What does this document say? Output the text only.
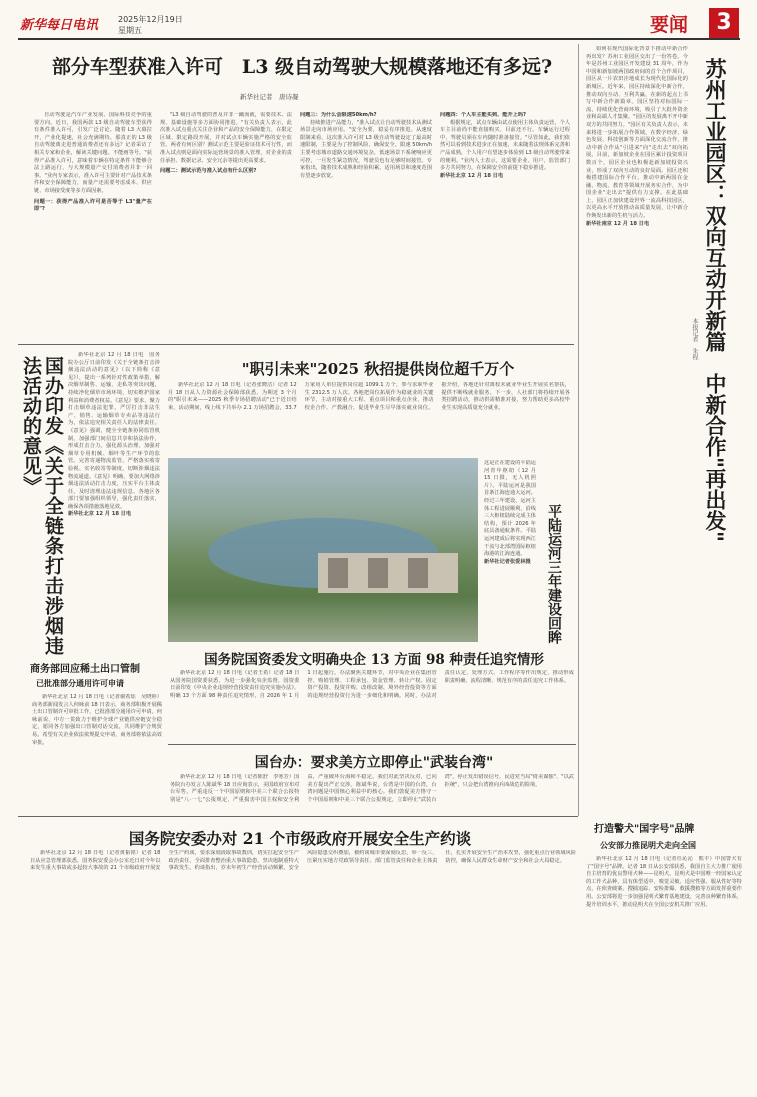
新华每日电讯 2025年12月19日
星期五	要闻	3
部分车型获准入许可　L3 级自动驾驶大规模落地还有多远?
新华社记者　唐诗凝

自动驾驶是汽车产业发展、国际科技竞争的重要方向。近日，我国两款 L3 级自动驾驶车型获得有条件准入许可，引发广泛讨论。随着 L3 大幕拉开，产业化提速，社会充满期待。那真正的 L3 级自动驾驶离走进普通消费者还有多远？记者采访了相关专家和企业，解读关键问题。不能画等号。"获得产品准入许可，意味着车辆在特定条件下能够合法上路运行，与大规模量产交付消费者并非一回事。"业内专家表示，准入许可主要针对产品技术条件和安全保障能力，而量产还需要考虑成本、供应链、市场接受度等多方面因素。

问题一：获得产品准入许可是否等于 L3"量产在即"?

"L3 级自动驾驶的普及并非一蹴而就，需要技术、法规、基础设施等多方面协同推进。"有关负责人表示，此次准入试点重点关注企业和产品的安全保障能力，在限定区域、限定路段开展，并对试点车辆实施严格的安全监管。两者有何区别？测试示范主要是验证技术可行性，而准入试点则是面向实际运营场景的准入管理，对企业的责任承担、数据记录、安全冗余等提出更高要求。

问题二：测试示范与准入试点有什么区别?

问题三：为什么会限速50km/h?

持续推进产品能力，"准入试点让自动驾驶技术从测试场景走向市场应用。"安全为要，稳妥有序推进。从速度限制来看，这次准入许可对 L3 级自动驾驶设定了最高时速限制，主要是为了控制风险、确保安全。限速 50km/h 主要考虑城市道路交通环境复杂，低速场景下系统响应更可控，一旦发生紧急情况，驾驶员也有足够时间接管。专家指出，随着技术成熟和经验积累，适用场景和速度范围有望逐步放宽。

问题四：个人车主能买到、能开上吗?

根据规定，试点车辆由试点使用主体负责运营，个人车主目前尚不能直接购买。目前还不行。车辆运行过程中，驾驶员须在车内随时准备接管。"尽管如此，我们依然可以看到技术进步正在加速，未来随着法规体系完善和产品成熟，个人用户有望逐步体验到 L3 级自动驾驶带来的便利。"业内人士表示，这需要企业、用户、监管部门多方共同努力，在保障安全的前提下稳步推进。

新华社北京 12 月 18 日电

如何在现代国际化背景下推动中新合作再出发？苏州工业园区交出了一份答卷。今年是苏州工业园区开发建设 31 周年，作为中国和新加坡两国政府间的首个合作项目，园区从一片农田洼地成长为现代化国际化的新城区。近年来，园区持续深化中新合作，推动双向互动、互利共赢，在新的起点上书写中新合作新篇章。园区坚持对标国际一流，持续优化营商环境，吸引了大批外资企业和高端人才集聚。"园区的发展离不开中新双方的共同努力。"园区有关负责人表示，未来将进一步拓展合作领域，在数字经济、绿色发展、科技创新等方面深化交流合作，推动中新合作从"引进来"向"走出去"双向拓展。目前，新加坡企业在园区累计投资项目数百个，园区企业也积极赴新加坡投资兴业，形成了双向互动的良好局面。园区还积极搭建国际合作平台，推动中新两国在金融、物流、教育等领域开展务实合作，为中国企业"走出去"提供有力支撑。在此基础上，园区正加快建设世界一流高科技园区，以更高水平开放推动高质量发展，让中新合作焕发出新的生机与活力。

新华社南京 12 月 18 日电	苏州工业园区：双向互动开新篇　中新合作"再出发"
本报记者　朱程
国办印发《关于全链条打击涉烟违法活动的意见》

新华社北京 12 月 18 日电　国务院办公厅日前印发《关于全链条打击涉烟违法活动的意见》（以下简称《意见》），提出一系列针对性政策举措，解决烟草制售、运输、走私等突出问题，持续净化烟草市场环境，切实维护国家利益和消费者权益。《意见》要求，聚力打击烟草违法犯罪，严厉打击非法生产、销售、运输烟草专卖品等违法行为，依法追究相关责任人的法律责任。《意见》强调，健全全链条协同监管机制，加强部门间信息共享和执法协作，形成打击合力。强化源头治理，加强对烟草专用机械、烟叶等生产环节的监管。完善寄递物流监管，严格落实收寄验视、实名收寄等制度，切断涉烟违法物流通道。《意见》明确，要加大网络涉烟违法活动打击力度，压实平台主体责任，及时清理违法违规信息。各地区各部门要加强组织领导，强化责任落实，确保各项措施落地见效。

新华社北京 12 月 18 日电

商务部回应稀土出口管制
已批准部分通用许可申请

新华社北京 12 月 18 日电（记者谢希瑶　吴晓婷）商务部新闻发言人何咏前 18 日表示，商务部积极开展稀土出口管制许可审批工作，已批准部分通用许可申请。何咏前说，中方一贯致力于维护全球产业链供应链安全稳定，愿同各方加强出口管制对话交流，共同维护合规贸易。希望有关企业依法依规提交申请，商务部将依法高效审批。

"职引未来"2025 秋招提供岗位超千万个

新华社北京 12 月 18 日电（记者张晓洁）记者 12 月 18 日从人力资源社会保障部获悉，为期近 3 个月的"职引未来——2025 秋季专场招聘活动"已于近日结束，活动期间，线上线下共举办 2.1 万场招聘会，33.7 万家用人单位提供岗位超 1099.1 万个，参与求职毕业生 2312.5 万人次。各地把岗位拓展作为稳就业的关键环节，主动对接重大工程、重点项目和重点企业，推动校企合作、产教融合，促进毕业生尽早落实就业岗位。据介绍，各地还针对离校未就业毕业生开展实名帮扶，提供不断线就业服务。下一步，人社部门将持续开展各类招聘活动，推动供需精准对接，努力帮助更多高校毕业生实现高质量充分就业。

这是正在建设的平陆运河青年枢纽（12 月 15 日摄，无人机照片）。平陆运河是我国首条江海连通大运河。经过三年建设，运河主体工程进展顺利，沿线三大枢纽陆续完成主体结构，预计 2026 年底具备通航条件。平陆运河建成后将实现西江干流与北部湾国际枢纽海港的江海连通。

新华社记者张爱林摄	平陆运河三年建设回眸
国务院国资委发文明确央企 13 方面 98 种责任追究情形

新华社北京 12 月 18 日电（记者王希）记者 18 日从国务院国资委获悉，为进一步强化央企监督，国资委日前印发《中央企业违规经营投资责任追究实施办法》，明确 13 个方面 98 种责任追究情形，自 2026 年 1 月 1 日起施行。办法聚焦关键环节，对中央企业在集团管控、购销管理、工程承包、资金管理、转让产权、固定资产投资、投资并购、改组改制、境外经营投资等方面的违规经营投资行为进一步细化和明确。同时，办法对责任认定、处理方式、工作程序等作出规定，推动形成职责明确、流程清晰、规范有序的责任追究工作体系。

国台办：要求美方立即停止"武装台湾"

新华社北京 12 月 18 日电（记者陈舒　李寒芳）国务院台办发言人陈斌华 18 日应询表示，美国政府宣布对台军售，严重违反一个中国原则和中美三个联合公报特别是"八·一七"公报规定，严重损害中国主权和安全利益，严重破坏台海和平稳定。我们对此坚决反对，已向美方提出严正交涉。陈斌华说，台湾是中国的台湾，台湾问题是中国核心利益中的核心。我们敦促美方恪守一个中国原则和中美三个联合公报规定，立即停止"武装台湾"，停止发出错误信号。民进党当局"倚美谋独"、"以武拒统"，只会把台湾推向兵凶战危的险境。

打造警犬"国字号"品牌
公安部力推昆明犬走向全国

新华社北京 12 月 18 日电（记者任沁沁　熊丰）中国警犬有了"国字号"品牌。记者 18 日从公安部获悉，我国自主大力推广使用自主培育的优良警用犬种——昆明犬。昆明犬是中国唯一经国家认定的工作犬品种，具有体型适中、嗅觉灵敏、适应性强、服从性好等特点，在侦查破案、搜捕追踪、安检排爆、救援搜救等方面发挥重要作用。公安部将进一步加强昆明犬繁育基地建设，完善良种繁育体系，提升培训水平，推动昆明犬在全国公安机关推广应用。

国务院安委办对 21 个市级政府开展安全生产约谈

新华社北京 12 月 18 日电（记者黄韬铭）记者 18 日从应急管理部获悉，国务院安委会办公室近日对今年以来发生重大事故或多起较大事故的 21 个市级政府开展安全生产约谈，要求深刻汲取事故教训，切实扛起安全生产政治责任，全面排查整治重大事故隐患，坚决遏制重特大事故发生。约谈指出，岁末年初生产经营活动频繁，安全风险隐患交织叠加，被约谈城市要深刻反思，举一反三，压紧压实地方党政领导责任、部门监管责任和企业主体责任，扎实开展安全生产治本攻坚，强化重点行业领域风险防控，确保人民群众生命财产安全和社会大局稳定。
